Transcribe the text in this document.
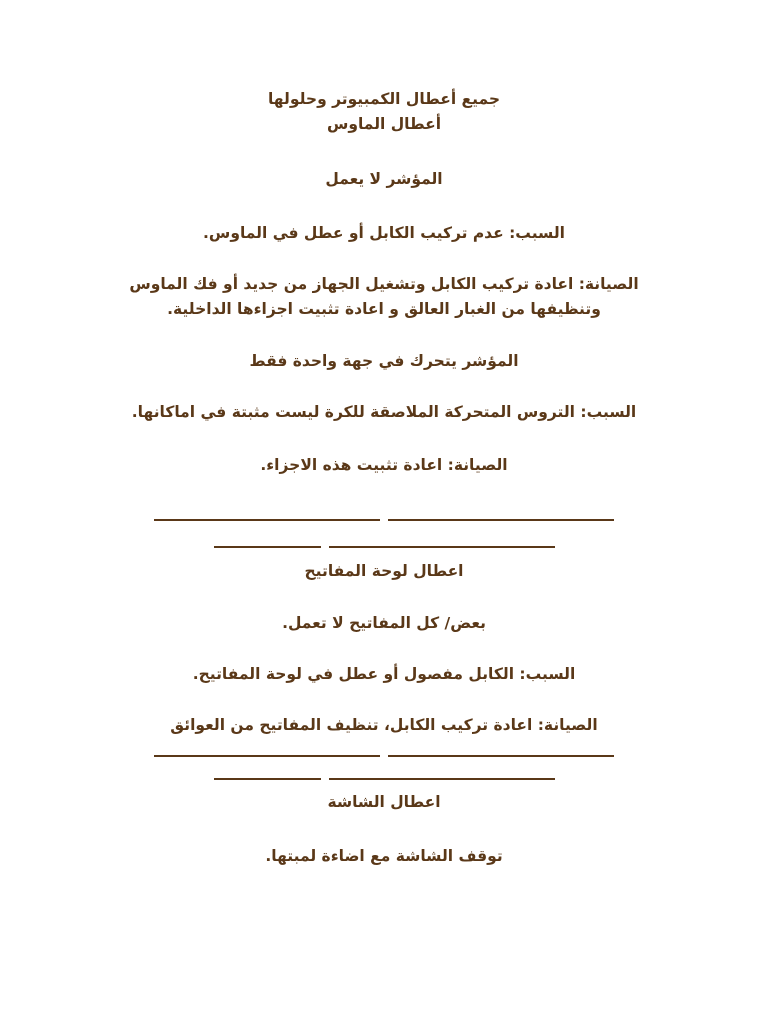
جميع أعطال الكمبيوتر وحلولها
أعطال الماوس
المؤشر لا يعمل
السبب: عدم تركيب الكابل أو عطل في الماوس.
الصيانة: اعادة تركيب الكابل وتشغيل الجهاز من جديد أو فك الماوس
وتنظيفها من الغبار العالق و اعادة تثبيت اجزاءها الداخلية.
المؤشر يتحرك في جهة واحدة فقط
السبب: التروس المتحركة الملاصقة للكرة ليست مثبتة في اماكانها.
الصيانة: اعادة تثبيت هذه الاجزاء.
اعطال لوحة المفاتيح
بعض/ كل المفاتيح لا تعمل.
السبب: الكابل مفصول أو عطل في لوحة المفاتيح.
الصيانة: اعادة تركيب الكابل، تنظيف المفاتيح من العوائق
اعطال الشاشة
توقف الشاشة مع اضاءة لمبتها.
